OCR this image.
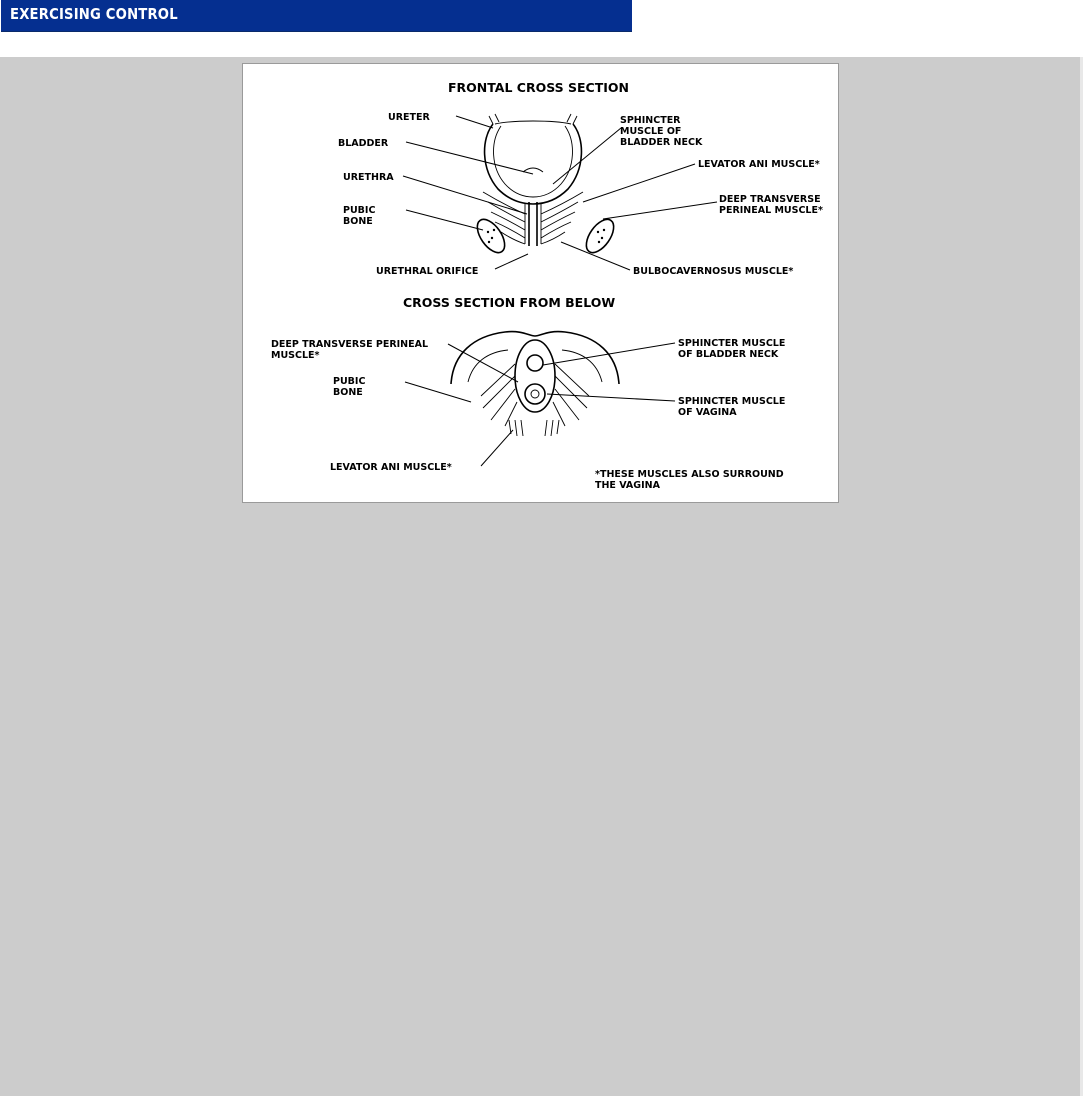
EXERCISING CONTROL
FRONTAL CROSS SECTION
URETER
BLADDER
URETHRA
PUBIC
BONE
URETHRAL ORIFICE
SPHINCTER
MUSCLE OF
BLADDER NECK
LEVATOR ANI MUSCLE*
DEEP TRANSVERSE
PERINEAL MUSCLE*
BULBOCAVERNOSUS MUSCLE*
CROSS SECTION FROM BELOW
DEEP TRANSVERSE PERINEAL
MUSCLE*
PUBIC
BONE
LEVATOR ANI MUSCLE*
SPHINCTER MUSCLE
OF BLADDER NECK
SPHINCTER MUSCLE
OF VAGINA
*THESE MUSCLES ALSO SURROUND
THE VAGINA
